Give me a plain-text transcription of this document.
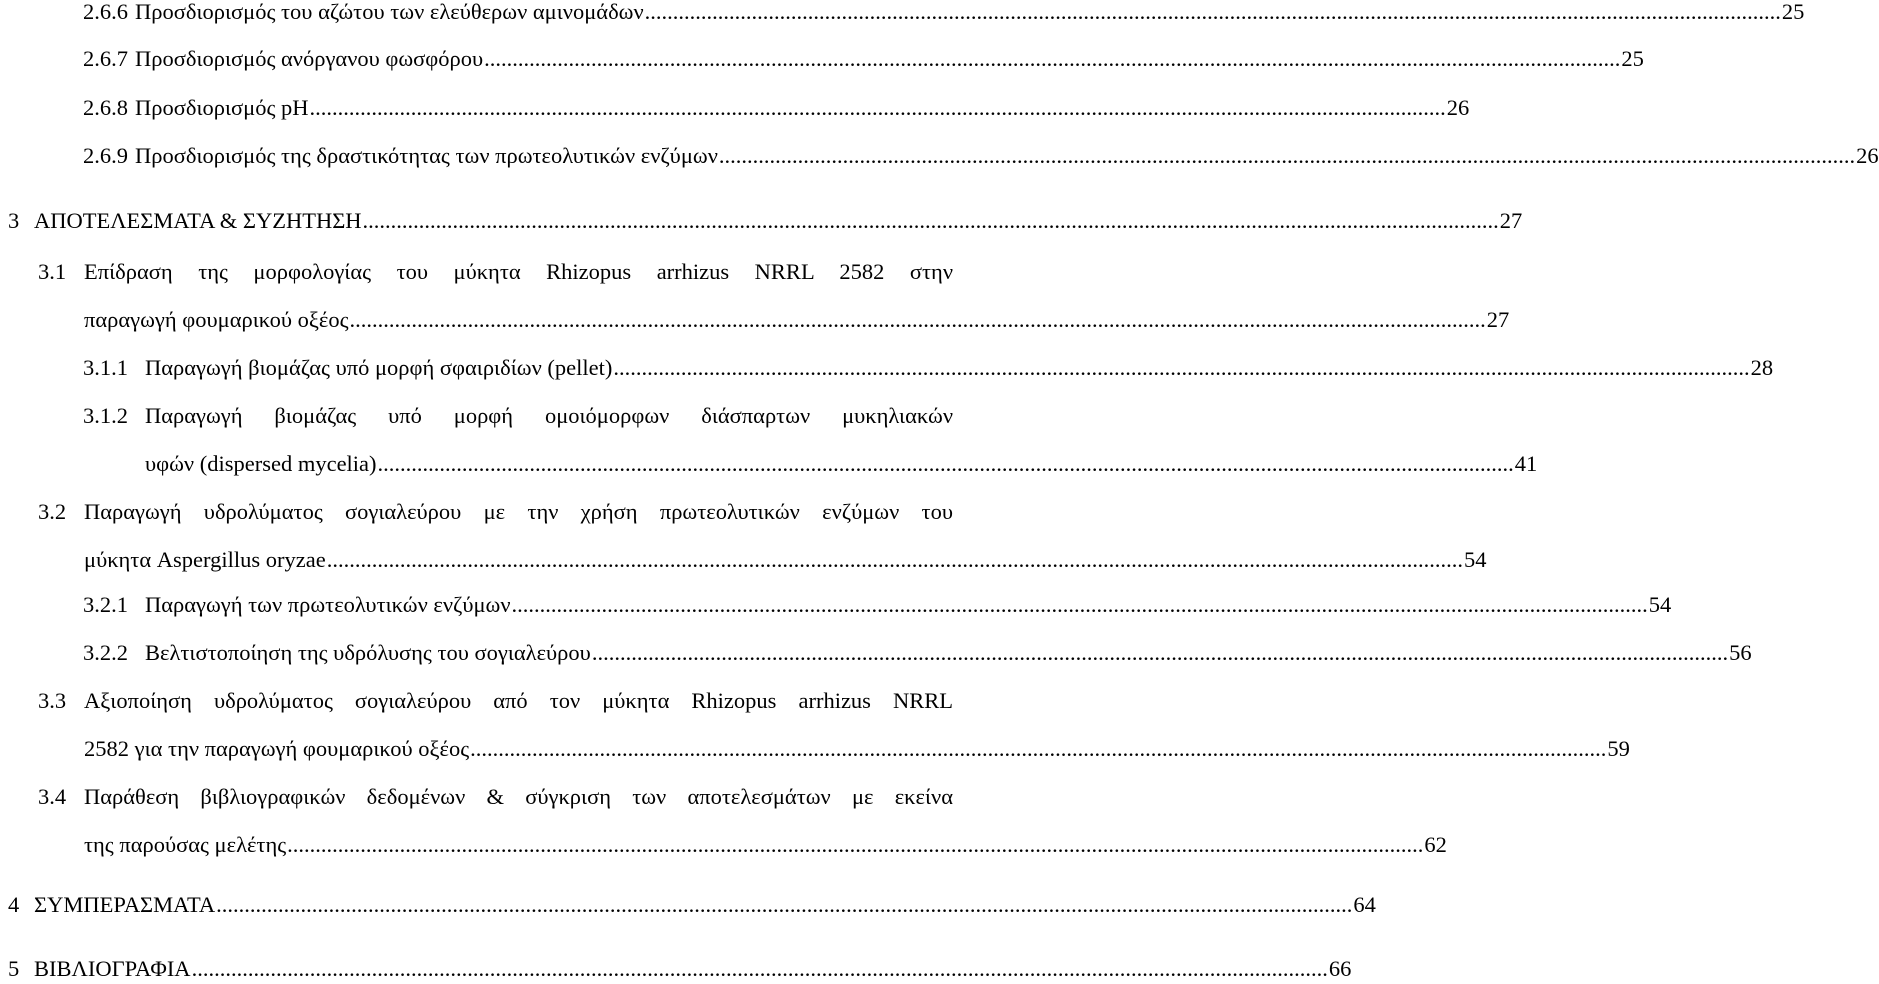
2.6.6 Προσδιορισμός του αζώτου των ελεύθερων αμινομάδων .....	25
2.6.7 Προσδιορισμός ανόργανου φωσφόρου .....	25
2.6.8 Προσδιορισμός pH .....	26
2.6.9 Προσδιορισμός της δραστικότητας των πρωτεολυτικών ενζύμων .....	26
3 ΑΠΟΤΕΛΕΣΜΑΤΑ & ΣΥΖΗΤΗΣΗ .....	27
3.1 Επίδραση της μορφολογίας του μύκητα Rhizopus arrhizus NRRL 2582 στην
παραγωγή φουμαρικού οξέος .....	27
3.1.1 Παραγωγή βιομάζας υπό μορφή σφαιριδίων (pellet) .....	28
3.1.2 Παραγωγή βιομάζας υπό μορφή ομοιόμορφων διάσπαρτων μυκηλιακών
υφών (dispersed mycelia) .....	41
3.2 Παραγωγή υδρολύματος σογιαλεύρου με την χρήση πρωτεολυτικών ενζύμων του
μύκητα Aspergillus oryzae .....	54
3.2.1 Παραγωγή των πρωτεολυτικών ενζύμων .....	54
3.2.2 Βελτιστοποίηση της υδρόλυσης του σογιαλεύρου .....	56
3.3 Αξιοποίηση υδρολύματος σογιαλεύρου από τον μύκητα Rhizopus arrhizus NRRL
2582 για την παραγωγή φουμαρικού οξέος .....	59
3.4 Παράθεση βιβλιογραφικών δεδομένων & σύγκριση των αποτελεσμάτων με εκείνα
της παρούσας μελέτης .....	62
4 ΣΥΜΠΕΡΑΣΜΑΤΑ .....	64
5 ΒΙΒΛΙΟΓΡΑΦΙΑ .....	66
